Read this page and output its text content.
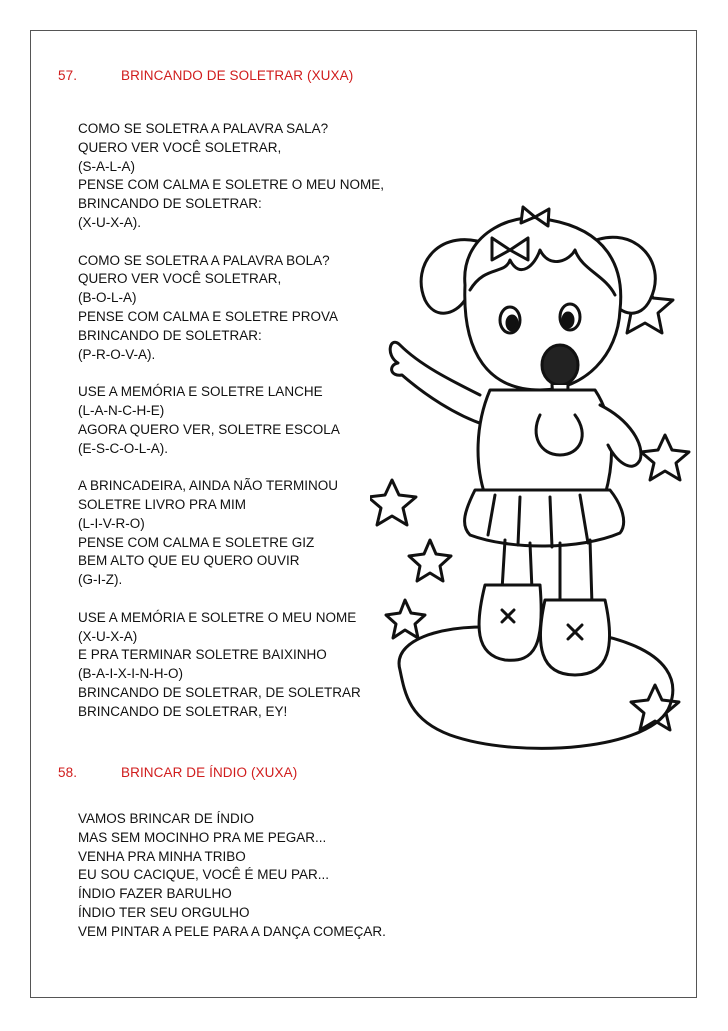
57.	BRINCANDO DE SOLETRAR (XUXA)
COMO SE SOLETRA A PALAVRA SALA?
QUERO VER VOCÊ SOLETRAR,
(S-A-L-A)
PENSE COM CALMA E SOLETRE O MEU NOME,
BRINCANDO DE SOLETRAR:
(X-U-X-A).
COMO SE SOLETRA A PALAVRA BOLA?
QUERO VER VOCÊ SOLETRAR,
(B-O-L-A)
PENSE COM CALMA E SOLETRE PROVA
BRINCANDO DE SOLETRAR:
(P-R-O-V-A).
USE A MEMÓRIA E SOLETRE LANCHE
(L-A-N-C-H-E)
AGORA QUERO VER, SOLETRE ESCOLA
(E-S-C-O-L-A).
A BRINCADEIRA, AINDA NÃO TERMINOU
SOLETRE LIVRO PRA MIM
(L-I-V-R-O)
PENSE COM CALMA E SOLETRE GIZ
BEM ALTO QUE EU QUERO OUVIR
(G-I-Z).
USE A MEMÓRIA E SOLETRE O MEU NOME
(X-U-X-A)
E PRA TERMINAR SOLETRE BAIXINHO
(B-A-I-X-I-N-H-O)
BRINCANDO DE SOLETRAR, DE SOLETRAR
BRINCANDO DE SOLETRAR, EY!
58.	BRINCAR DE ÍNDIO (XUXA)
VAMOS BRINCAR DE ÍNDIO
MAS SEM MOCINHO PRA ME PEGAR...
VENHA PRA MINHA TRIBO
EU SOU CACIQUE, VOCÊ É MEU PAR...
ÍNDIO FAZER BARULHO
ÍNDIO TER SEU ORGULHO
VEM PINTAR A PELE PARA A DANÇA COMEÇAR.
